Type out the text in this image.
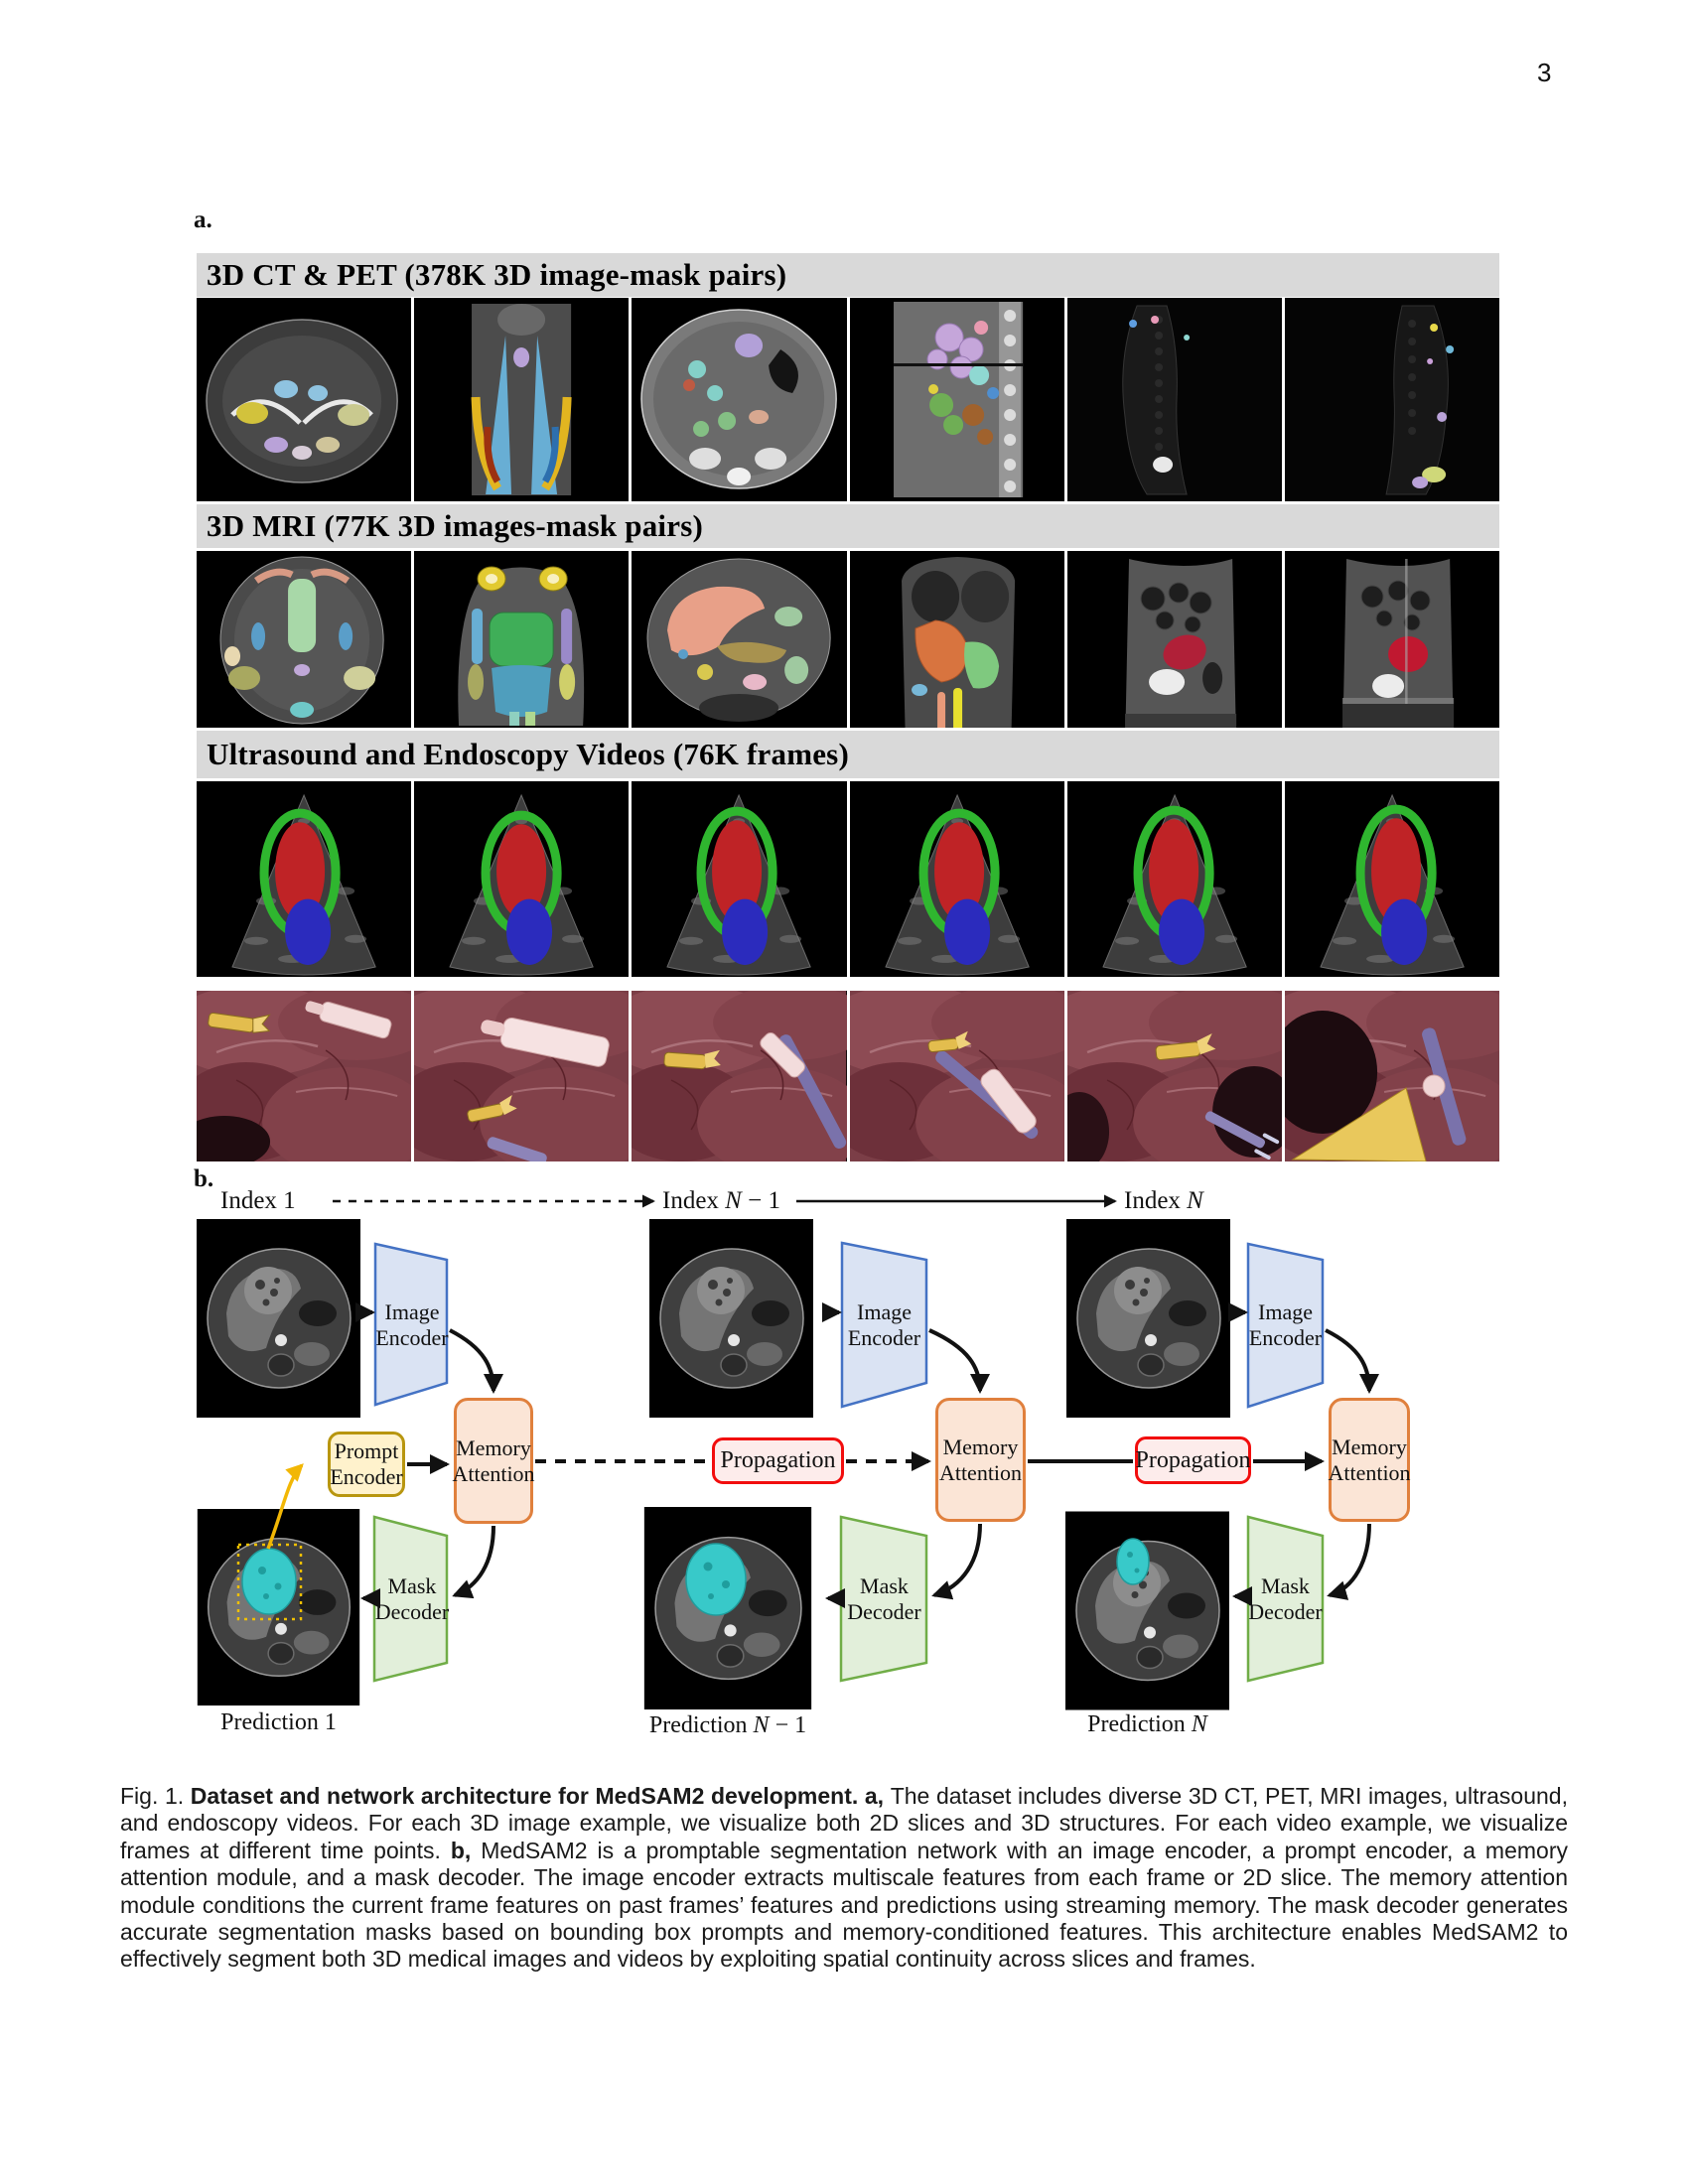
3
a.
3D CT & PET (378K 3D image-mask pairs)
3D MRI (77K 3D images-mask pairs)
Ultrasound and Endoscopy Videos (76K frames)
b.
Index 1	Index N − 1	Index N
Prompt Encoder
Memory Attention
Memory Attention
Memory Attention
Propagation	Propagation
Image Encoder
Image Encoder
Image Encoder
Mask Decoder
Mask Decoder
Mask Decoder
Prediction 1	Prediction N − 1	Prediction N

Fig. 1. Dataset and network architecture for MedSAM2 development. a, The dataset includes diverse 3D CT, PET, MRI images, ultrasound, and endoscopy videos. For each 3D image example, we visualize both 2D slices and 3D structures. For each video example, we visualize frames at different time points. b, MedSAM2 is a promptable segmentation network with an image encoder, a prompt encoder, a memory attention module, and a mask decoder. The image encoder extracts multiscale features from each frame or 2D slice. The memory attention module conditions the current frame features on past frames’ features and predictions using streaming memory. The mask decoder generates accurate segmentation masks based on bounding box prompts and memory-conditioned features. This architecture enables MedSAM2 to effectively segment both 3D medical images and videos by exploiting spatial continuity across slices and frames.
